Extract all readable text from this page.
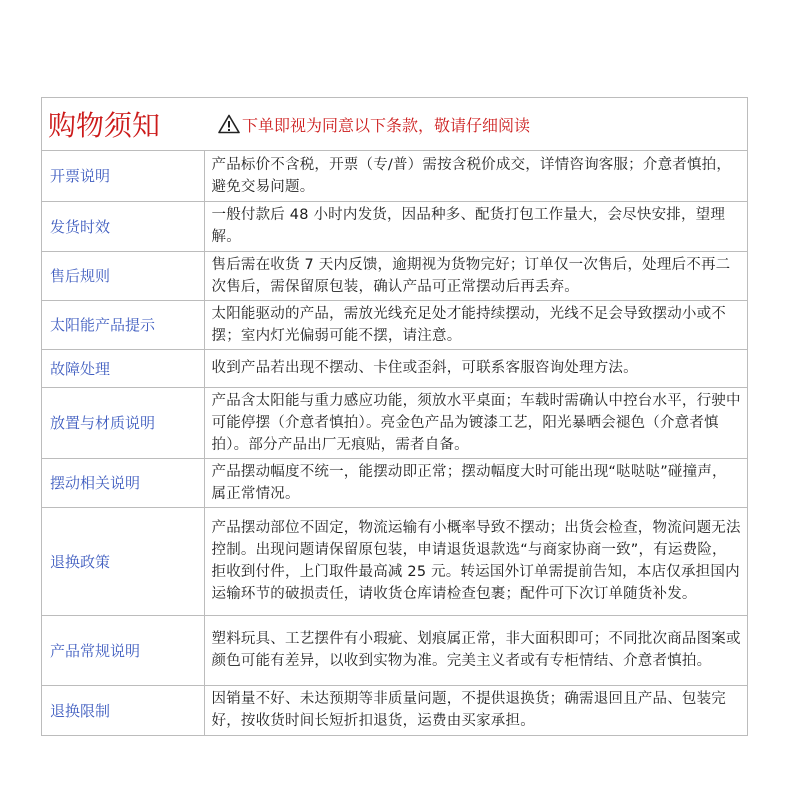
购物须知	下单即视为同意以下条款，敬请仔细阅读
开票说明	产品标价不含税，开票（专/普）需按含税价成交，详情咨询客服；介意者慎拍，避免交易问题。
发货时效	一般付款后 48 小时内发货，因品种多、配货打包工作量大，会尽快安排，望理解。
售后规则	售后需在收货 7 天内反馈，逾期视为货物完好；订单仅一次售后，处理后不再二次售后，需保留原包装，确认产品可正常摆动后再丢弃。
太阳能产品提示	太阳能驱动的产品，需放光线充足处才能持续摆动，光线不足会导致摆动小或不摆；室内灯光偏弱可能不摆，请注意。
故障处理	收到产品若出现不摆动、卡住或歪斜，可联系客服咨询处理方法。
放置与材质说明	产品含太阳能与重力感应功能，须放水平桌面；车载时需确认中控台水平，行驶中可能停摆（介意者慎拍）。亮金色产品为镀漆工艺，阳光暴晒会褪色（介意者慎拍）。部分产品出厂无痕贴，需者自备。
摆动相关说明	产品摆动幅度不统一，能摆动即正常；摆动幅度大时可能出现“哒哒哒”碰撞声，属正常情况。
退换政策	产品摆动部位不固定，物流运输有小概率导致不摆动；出货会检查，物流问题无法控制。出现问题请保留原包装，申请退货退款选“与商家协商一致”，有运费险，拒收到付件，上门取件最高减 25 元。转运国外订单需提前告知，本店仅承担国内运输环节的破损责任，请收货仓库请检查包裹；配件可下次订单随货补发。
产品常规说明	塑料玩具、工艺摆件有小瑕疵、划痕属正常，非大面积即可；不同批次商品图案或颜色可能有差异，以收到实物为准。完美主义者或有专柜情结、介意者慎拍。
退换限制	因销量不好、未达预期等非质量问题，不提供退换货；确需退回且产品、包装完好，按收货时间长短折扣退货，运费由买家承担。
